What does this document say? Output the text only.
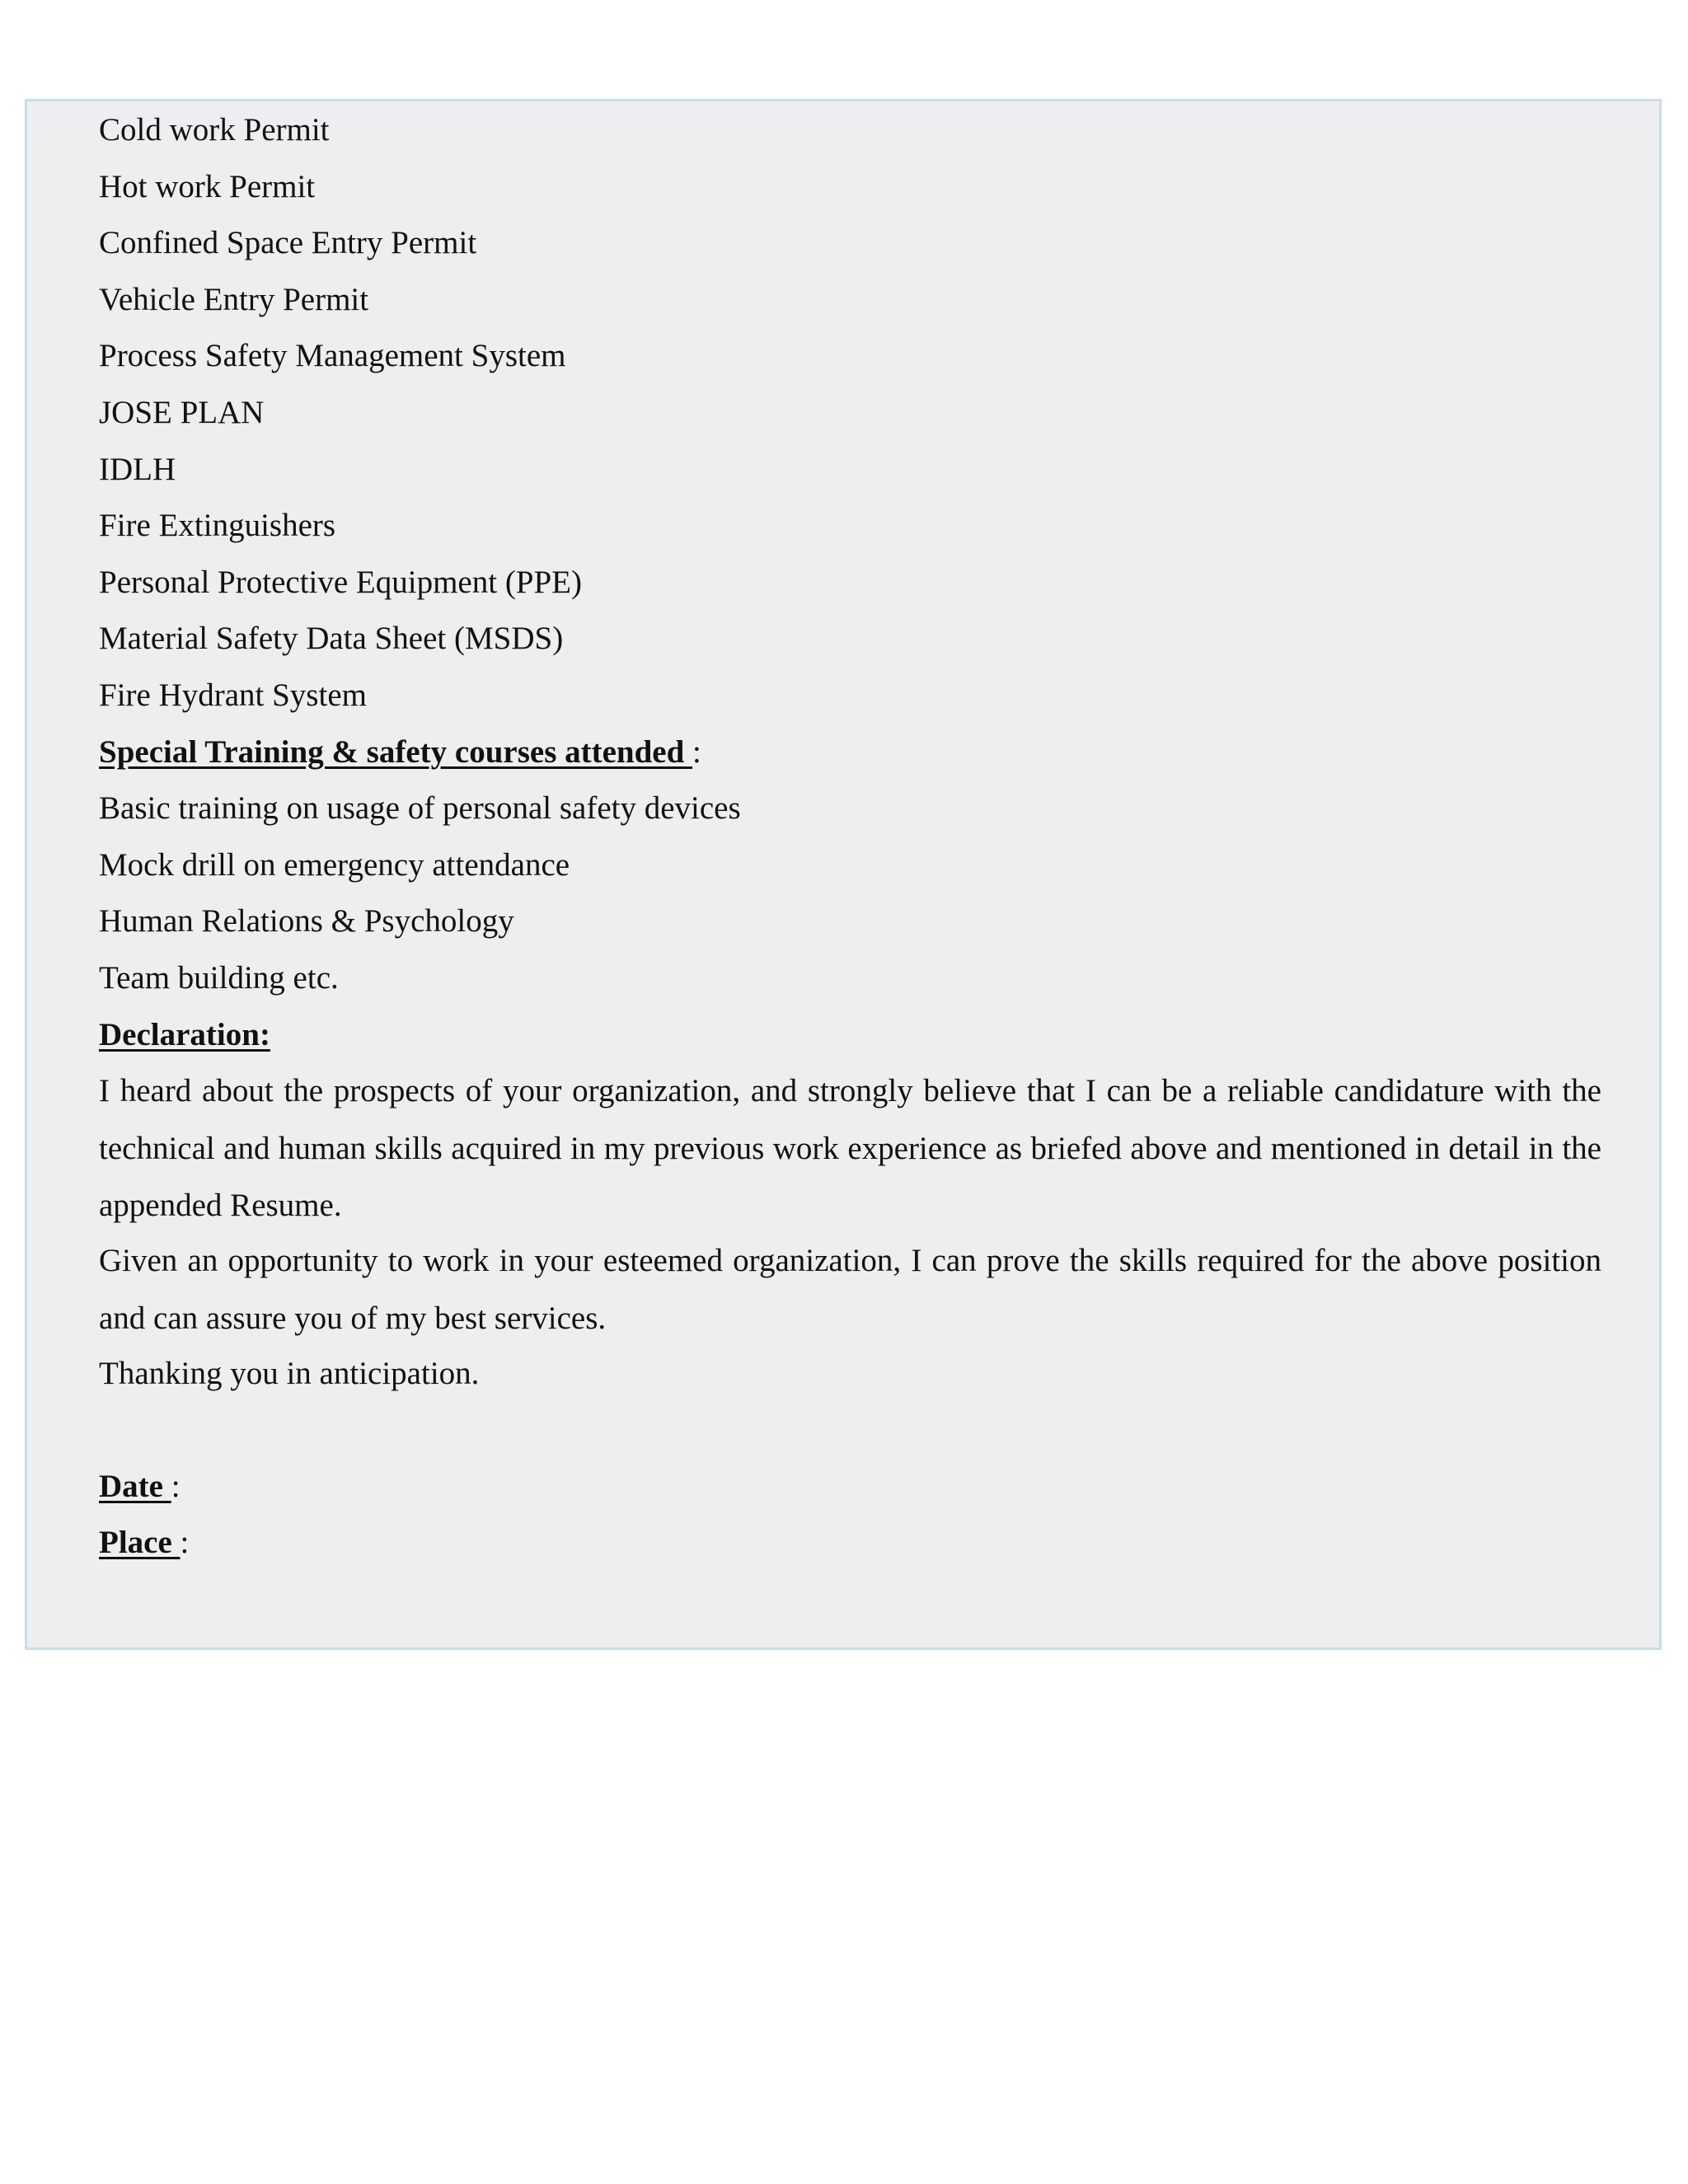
Cold work Permit

Hot work Permit

Confined Space Entry Permit

Vehicle Entry Permit

Process Safety Management System

JOSE PLAN

IDLH

Fire Extinguishers

Personal Protective Equipment (PPE)

Material Safety Data Sheet (MSDS)

Fire Hydrant System

Special Training & safety courses attended :

Basic training on usage of personal safety devices

Mock drill on emergency attendance

Human Relations & Psychology

Team building etc.

Declaration:

I heard about the prospects of your organization, and strongly believe that I can be a reliable candidature with the technical and human skills acquired in my previous work experience as briefed above and mentioned in detail in the appended Resume.

Given an opportunity to work in your esteemed organization, I can prove the skills required for the above position and can assure you of my best services.

Thanking you in anticipation.

Date :

Place :
